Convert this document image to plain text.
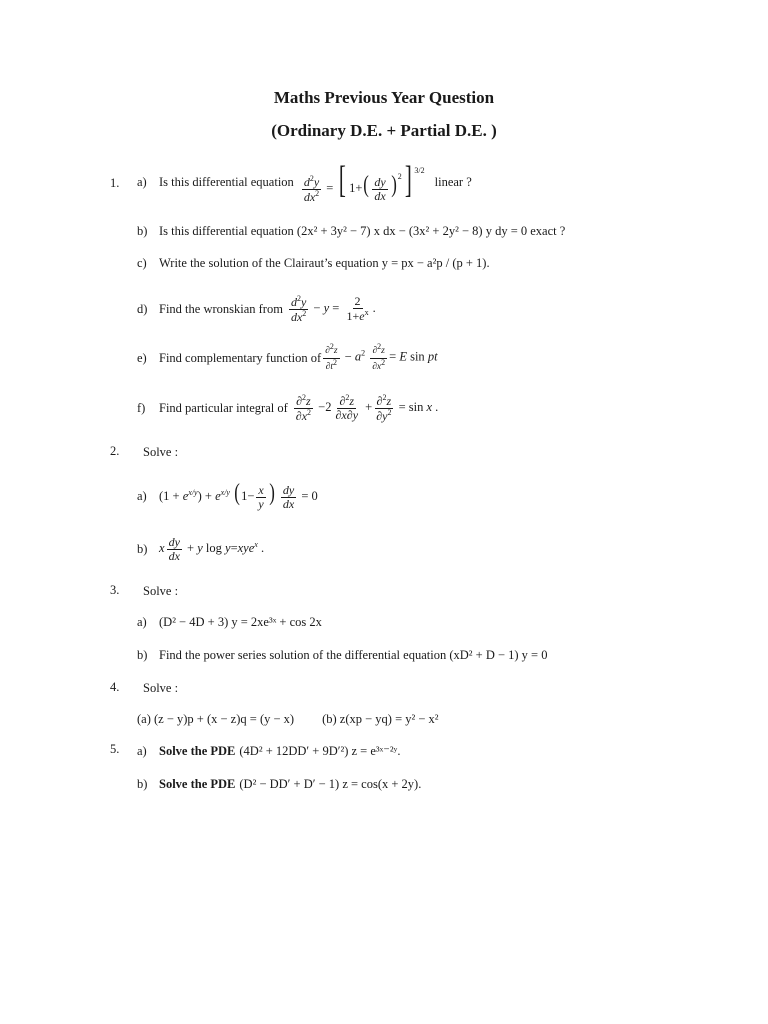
Maths Previous Year Question
(Ordinary D.E. + Partial D.E. )
1. a) Is this differential equation $\frac{d^2y}{dx^2}$ = [ $1+( \frac{dy}{dx} )^2$] $^{3/2}$
linear ?
b) Is this differential equation (2x² + 3y² − 7) x dx − (3x² + 2y² − 8) y dy = 0 exact ?
c) Write the solution of the Clairaut’s equation y = px − a²p / (p + 1).
d) Find the wronskian from $\frac{d^2y}{dx^2} - y = \frac{2}{1+e^x}$ .
e) Find complementary function of $\frac{\partial^2z}{\partial t^2} - a^2 \frac{\partial^2z}{\partial x^2} = E$ sin pt
f)	Find particular integral of $\frac{\partial^2z}{\partial x^2} -2 \frac{\partial^2z}{\partial x\partial y} + \frac{\partial^2z}{\partial y^2} = \sin x$ .
2. Solve :
a) $(1 + e^{x/y}) + e^{x/y}$ ($1- \frac{x}{y}$ ) $\frac{dy}{dx} = 0$
b) x $\frac{dy}{dx} + y$ log y=xye$^x$ .
3. Solve :
a) (D² − 4D + 3) y = 2xe³ˣ + cos 2x
b) Find the power series solution of the differential equation (xD² + D − 1) y = 0
4. Solve :
(a) (z − y)p + (x − z)q = (y − x) (b) z(xp − yq) = y² − x²
5. a) Solve the PDE (4D² + 12DD′ + 9D′²) z = e³ˣ⁻²ʸ.
b) Solve the PDE (D² − DD′ + D′ − 1) z = cos(x + 2y).
